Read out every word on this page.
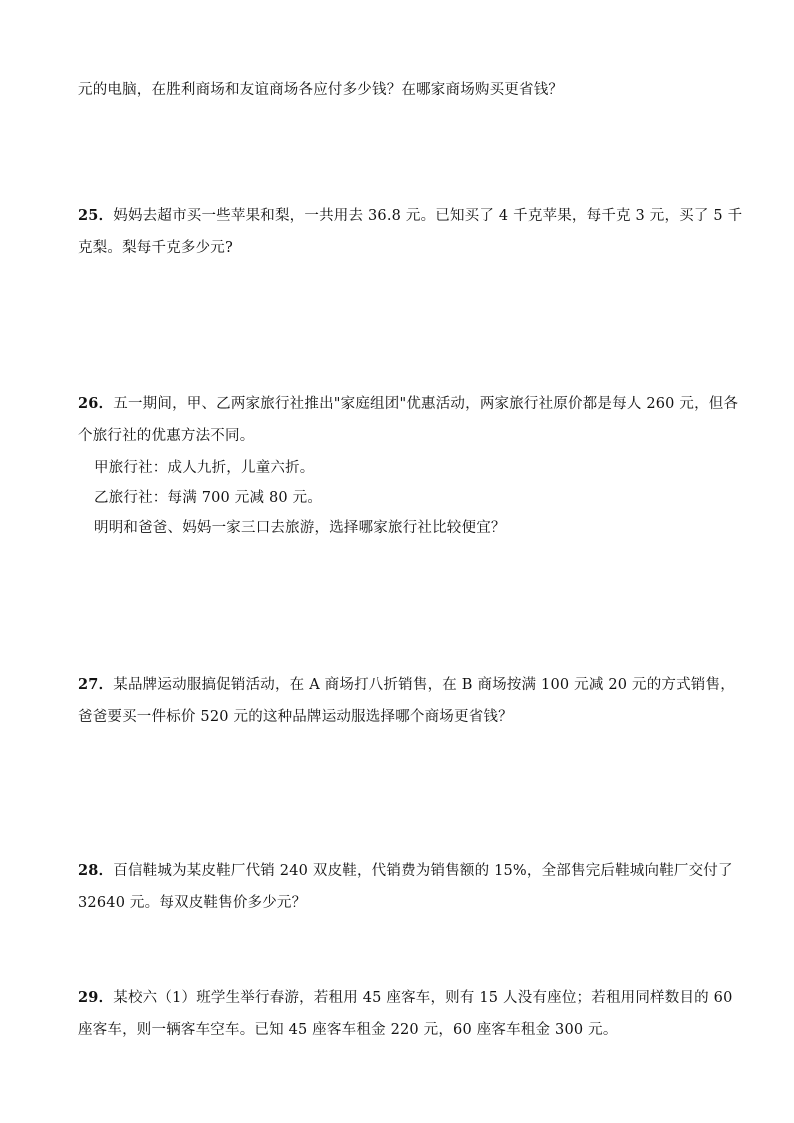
元的电脑，在胜利商场和友谊商场各应付多少钱？在哪家商场购买更省钱？
25．妈妈去超市买一些苹果和梨，一共用去 36.8 元。已知买了 4 千克苹果，每千克 3 元，买了 5 千
克梨。梨每千克多少元?
26．五一期间，甲、乙两家旅行社推出"家庭组团"优惠活动，两家旅行社原价都是每人 260 元，但各
个旅行社的优惠方法不同。
甲旅行社：成人九折，儿童六折。
乙旅行社：每满 700 元减 80 元。
明明和爸爸、妈妈一家三口去旅游，选择哪家旅行社比较便宜？
27．某品牌运动服搞促销活动，在 A 商场打八折销售，在 B 商场按满 100 元减 20 元的方式销售，
爸爸要买一件标价 520 元的这种品牌运动服选择哪个商场更省钱？
28．百信鞋城为某皮鞋厂代销 240 双皮鞋，代销费为销售额的 15%，全部售完后鞋城向鞋厂交付了
32640 元。每双皮鞋售价多少元？
29．某校六（1）班学生举行春游，若租用 45 座客车，则有 15 人没有座位；若租用同样数目的 60
座客车，则一辆客车空车。已知 45 座客车租金 220 元，60 座客车租金 300 元。
